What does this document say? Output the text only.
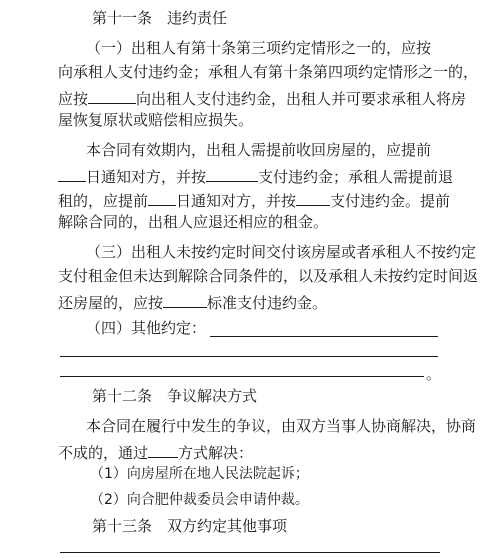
第十一条　违约责任
（一）出租人有第十条第三项约定情形之一的，应按
向承租人支付违约金；承租人有第十条第四项约定情形之一的，
应按	向出租人支付违约金，出租人并可要求承租人将房
屋恢复原状或赔偿相应损失。
本合同有效期内，出租人需提前收回房屋的，应提前
日通知对方，并按	支付违约金；承租人需提前退
租的，应提前 日通知对方，并按 支付违约金。提前
解除合同的，出租人应退还相应的租金。
（三）出租人未按约定时间交付该房屋或者承租人不按约定
支付租金但未达到解除合同条件的，以及承租人未按约定时间返
还房屋的，应按	标准支付违约金。
（四）其他约定：
。
第十二条　争议解决方式
本合同在履行中发生的争议，由双方当事人协商解决，协商
不成的，通过 方式解决：
（1）向房屋所在地人民法院起诉；
（2）向合肥仲裁委员会申请仲裁。
第十三条　双方约定其他事项
